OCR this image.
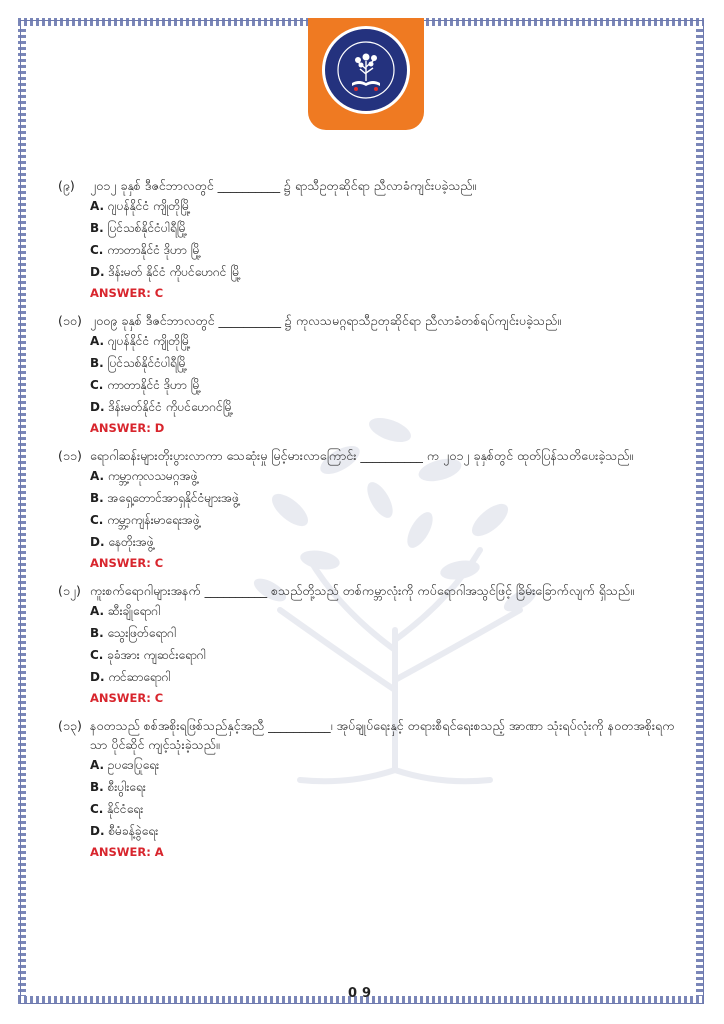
(၉)	၂၀၁၂ ခုနှစ် ဒီဇင်ဘာလတွင် __________ ၌ ရာသီဥတုဆိုင်ရာ ညီလာခံကျင်းပခဲ့သည်။
A. ဂျပန်နိုင်ငံ ကျိုတိုမြို့
B. ပြင်သစ်နိုင်ငံပါရီမြို့
C. ကာတာနိုင်ငံ ဒိုဟာ မြို့
D. ဒိန်းမတ် နိုင်ငံ ကိုပင်ဟေဂင် မြို့
ANSWER: C
(၁၀) ၂၀၀၉ ခုနှစ် ဒီဇင်ဘာလတွင် __________ ၌ ကုလသမဂ္ဂရာသီဥတုဆိုင်ရာ ညီလာခံတစ်ရပ်ကျင်းပခဲ့သည်။
A. ဂျပန်နိုင်ငံ ကျိုတိုမြို့
B. ပြင်သစ်နိုင်ငံပါရီမြို့
C. ကာတာနိုင်ငံ ဒိုဟာ မြို့
D. ဒိန်းမတ်နိုင်ငံ ကိုပင်ဟေဂင်မြို့
ANSWER: D
(၁၁) ရောဂါဆန်းများတိုးပွားလာကာ သေဆုံးမှု မြင့်မားလာကြောင်း __________ က ၂၀၁၂ ခုနှစ်တွင် ထုတ်ပြန်သတိပေးခဲ့သည်။
A. ကမ္ဘာ့ကုလသမဂ္ဂအဖွဲ့
B. အရှေ့တောင်အာရှနိုင်ငံများအဖွဲ့
C. ကမ္ဘာ့ကျန်းမာရေးအဖွဲ့
D. နေတိုးအဖွဲ့
ANSWER: C
(၁၂) ကူးစက်ရောဂါများအနက် __________ စသည်တို့သည် တစ်ကမ္ဘာလုံးကို ကပ်ရောဂါအသွင်ဖြင့် ခြိမ်းခြောက်လျက် ရှိသည်။
A. ဆီးချိုရောဂါ
B. သွေးဖြတ်ရောဂါ
C. ခုခံအား ကျဆင်းရောဂါ
D. ကင်ဆာရောဂါ
ANSWER: C
(၁၃) နဝတသည် စစ်အစိုးရဖြစ်သည်နှင့်အညီ __________၊ အုပ်ချုပ်ရေးနှင့် တရားစီရင်ရေးစသည့် အာဏာ သုံးရပ်လုံးကို နဝတအစိုးရကသာ ပိုင်ဆိုင် ကျင့်သုံးခဲ့သည်။
A. ဥပဒေပြုရေး
B. စီးပွါးရေး
C. နိုင်ငံရေး
D. စီမံခန့်ခွဲရေး
ANSWER: A
09
